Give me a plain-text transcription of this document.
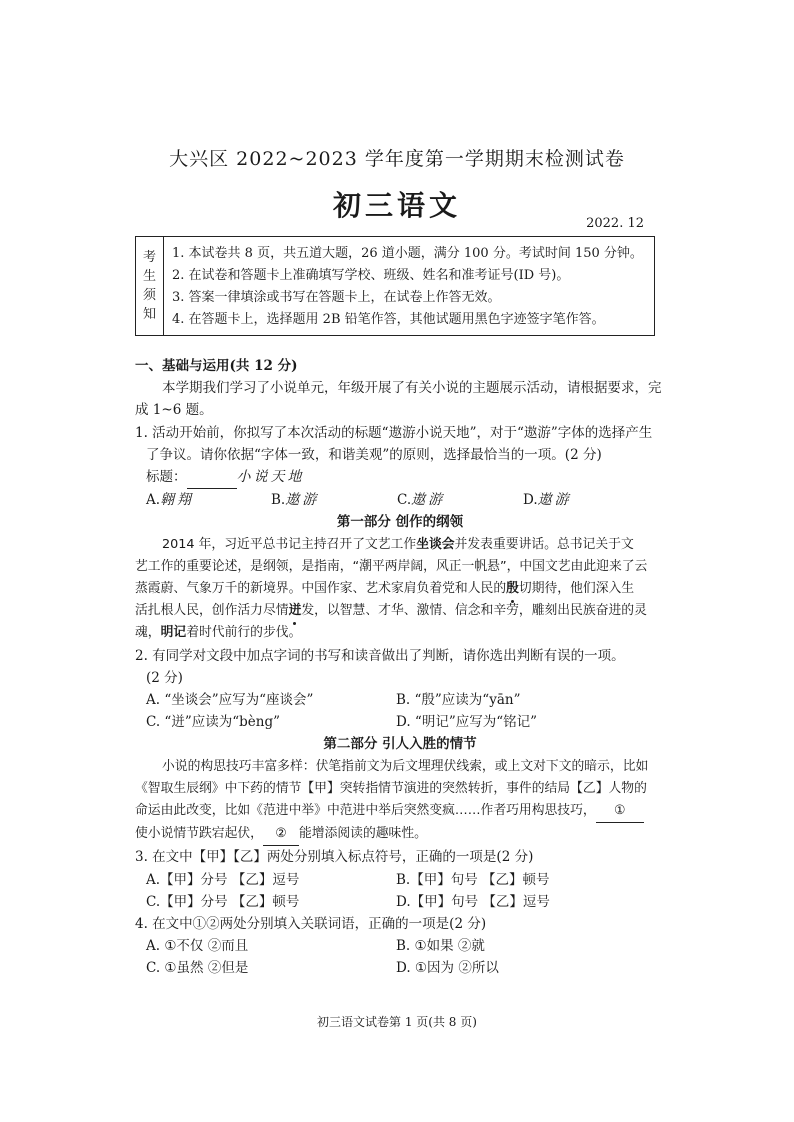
大兴区 2022~2023 学年度第一学期期末检测试卷
初三语文
2022. 12
考
生
须
知
1. 本试卷共 8 页，共五道大题，26 道小题，满分 100 分。考试时间 150 分钟。
2. 在试卷和答题卡上准确填写学校、班级、姓名和准考证号(ID 号)。
3. 答案一律填涂或书写在答题卡上，在试卷上作答无效。
4. 在答题卡上，选择题用 2B 铅笔作答，其他试题用黑色字迹签字笔作答。
一、基础与运用(共 12 分)
本学期我们学习了小说单元，年级开展了有关小说的主题展示活动，请根据要求，完
成 1~6 题。
1. 活动开始前，你拟写了本次活动的标题“遨游小说天地”，对于“遨游”字体的选择产生
了争议。请你依据“字体一致，和谐美观”的原则，选择最恰当的一项。(2 分)
标题：	小说天地
A. 翱翔	B. 遨游	C. 遨游	D. 遨游
第一部分 创作的纲领
2014 年，习近平总书记主持召开了文艺工作坐谈会并发表重要讲话。总书记关于文
艺工作的重要论述，是纲领，是指南，“潮平两岸阔，风正一帆悬”，中国文艺由此迎来了云
蒸霞蔚、气象万千的新境界。中国作家、艺术家肩负着党和人民的殷切期待，他们深入生
活扎根人民，创作活力尽情迸发，以智慧、才华、激情、信念和辛劳，雕刻出民族奋进的灵
魂，明记着时代前行的步伐。
2. 有同学对文段中加点字词的书写和读音做出了判断，请你选出判断有误的一项。
(2 分)
A. “坐谈会”应写为“座谈会”	B. “殷”应读为“yān”
C. “迸”应读为“bèng”	D. “明记”应写为“铭记”
第二部分 引人入胜的情节
小说的构思技巧丰富多样：伏笔指前文为后文埋理伏线索，或上文对下文的暗示，比如
《智取生辰纲》中下药的情节【甲】突转指情节演进的突然转折，事件的结局【乙】人物的
命运由此改变，比如《范进中举》中范进中举后突然变疯……作者巧用构思技巧， ①
使小说情节跌宕起伏， ② 能增添阅读的趣味性。
3. 在文中【甲】【乙】两处分别填入标点符号，正确的一项是(2 分)
A.【甲】分号 【乙】逗号	B.【甲】句号 【乙】顿号
C.【甲】分号 【乙】顿号	D.【甲】句号 【乙】逗号
4. 在文中①②两处分别填入关联词语，正确的一项是(2 分)
A. ①不仅 ②而且	B. ①如果 ②就
C. ①虽然 ②但是	D. ①因为 ②所以
初三语文试卷第 1 页(共 8 页)
